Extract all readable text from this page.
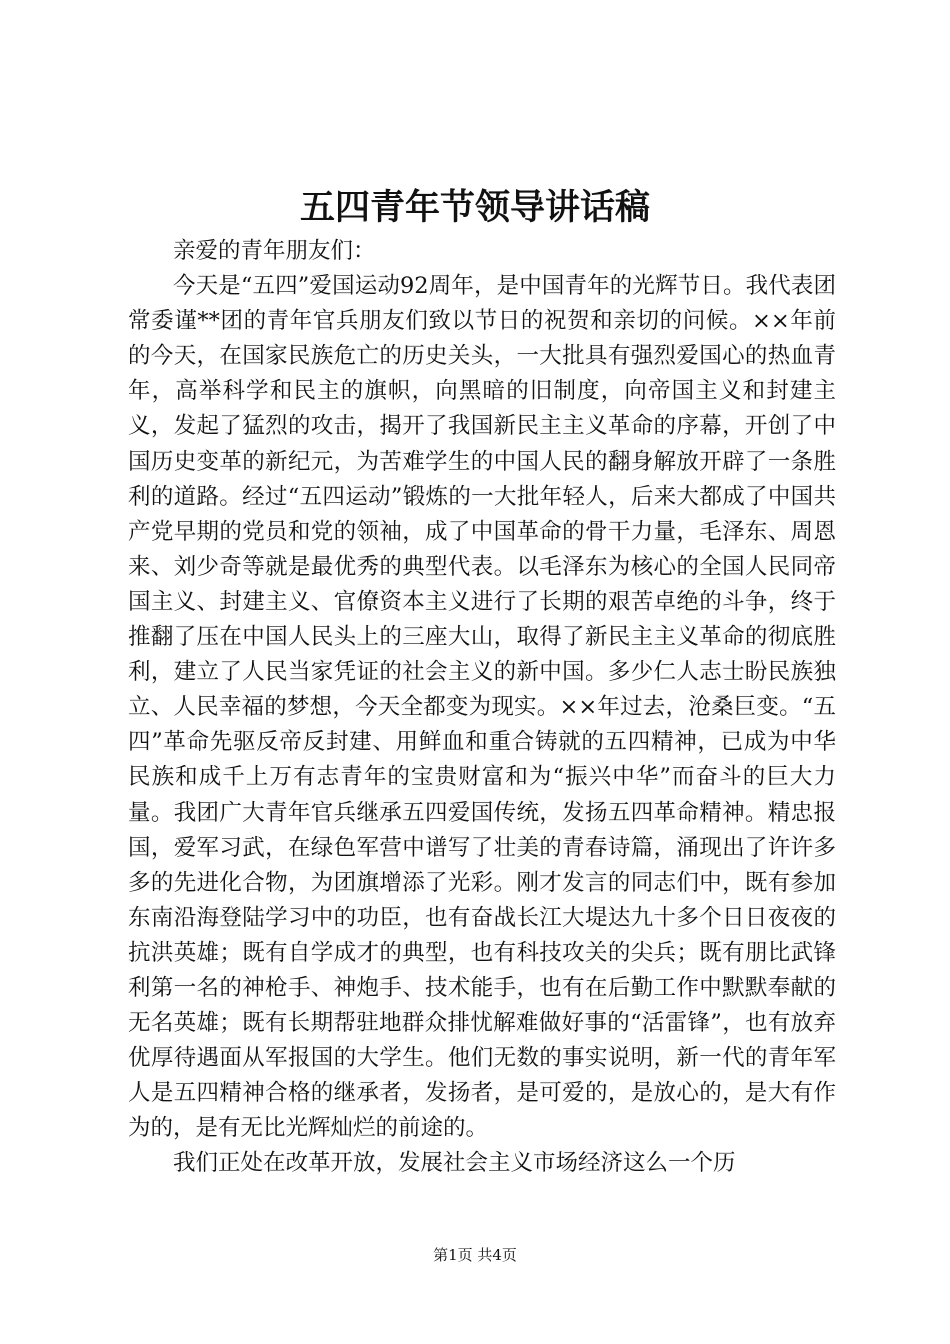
五四青年节领导讲话稿

亲爱的青年朋友们：

今天是“五四”爱国运动92周年，是中国青年的光辉节日。我代表团常委谨**团的青年官兵朋友们致以节日的祝贺和亲切的问候。××年前的今天，在国家民族危亡的历史关头，一大批具有强烈爱国心的热血青年，高举科学和民主的旗帜，向黑暗的旧制度，向帝国主义和封建主义，发起了猛烈的攻击，揭开了我国新民主主义革命的序幕，开创了中国历史变革的新纪元，为苦难学生的中国人民的翻身解放开辟了一条胜利的道路。经过“五四运动”锻炼的一大批年轻人，后来大都成了中国共产党早期的党员和党的领袖，成了中国革命的骨干力量，毛泽东、周恩来、刘少奇等就是最优秀的典型代表。以毛泽东为核心的全国人民同帝国主义、封建主义、官僚资本主义进行了长期的艰苦卓绝的斗争，终于推翻了压在中国人民头上的三座大山，取得了新民主主义革命的彻底胜利，建立了人民当家凭证的社会主义的新中国。多少仁人志士盼民族独立、人民幸福的梦想，今天全都变为现实。××年过去，沧桑巨变。“五四”革命先驱反帝反封建、用鲜血和重合铸就的五四精神，已成为中华民族和成千上万有志青年的宝贵财富和为“振兴中华”而奋斗的巨大力量。我团广大青年官兵继承五四爱国传统，发扬五四革命精神。精忠报国，爱军习武，在绿色军营中谱写了壮美的青春诗篇，涌现出了许许多多的先进化合物，为团旗增添了光彩。刚才发言的同志们中，既有参加东南沿海登陆学习中的功臣，也有奋战长江大堤达九十多个日日夜夜的抗洪英雄；既有自学成才的典型，也有科技攻关的尖兵；既有朋比武锋利第一名的神枪手、神炮手、技术能手，也有在后勤工作中默默奉献的无名英雄；既有长期帮驻地群众排忧解难做好事的“活雷锋”，也有放弃优厚待遇面从军报国的大学生。他们无数的事实说明，新一代的青年军人是五四精神合格的继承者，发扬者，是可爱的，是放心的，是大有作为的，是有无比光辉灿烂的前途的。

我们正处在改革开放，发展社会主义市场经济这么一个历

第1页 共4页
